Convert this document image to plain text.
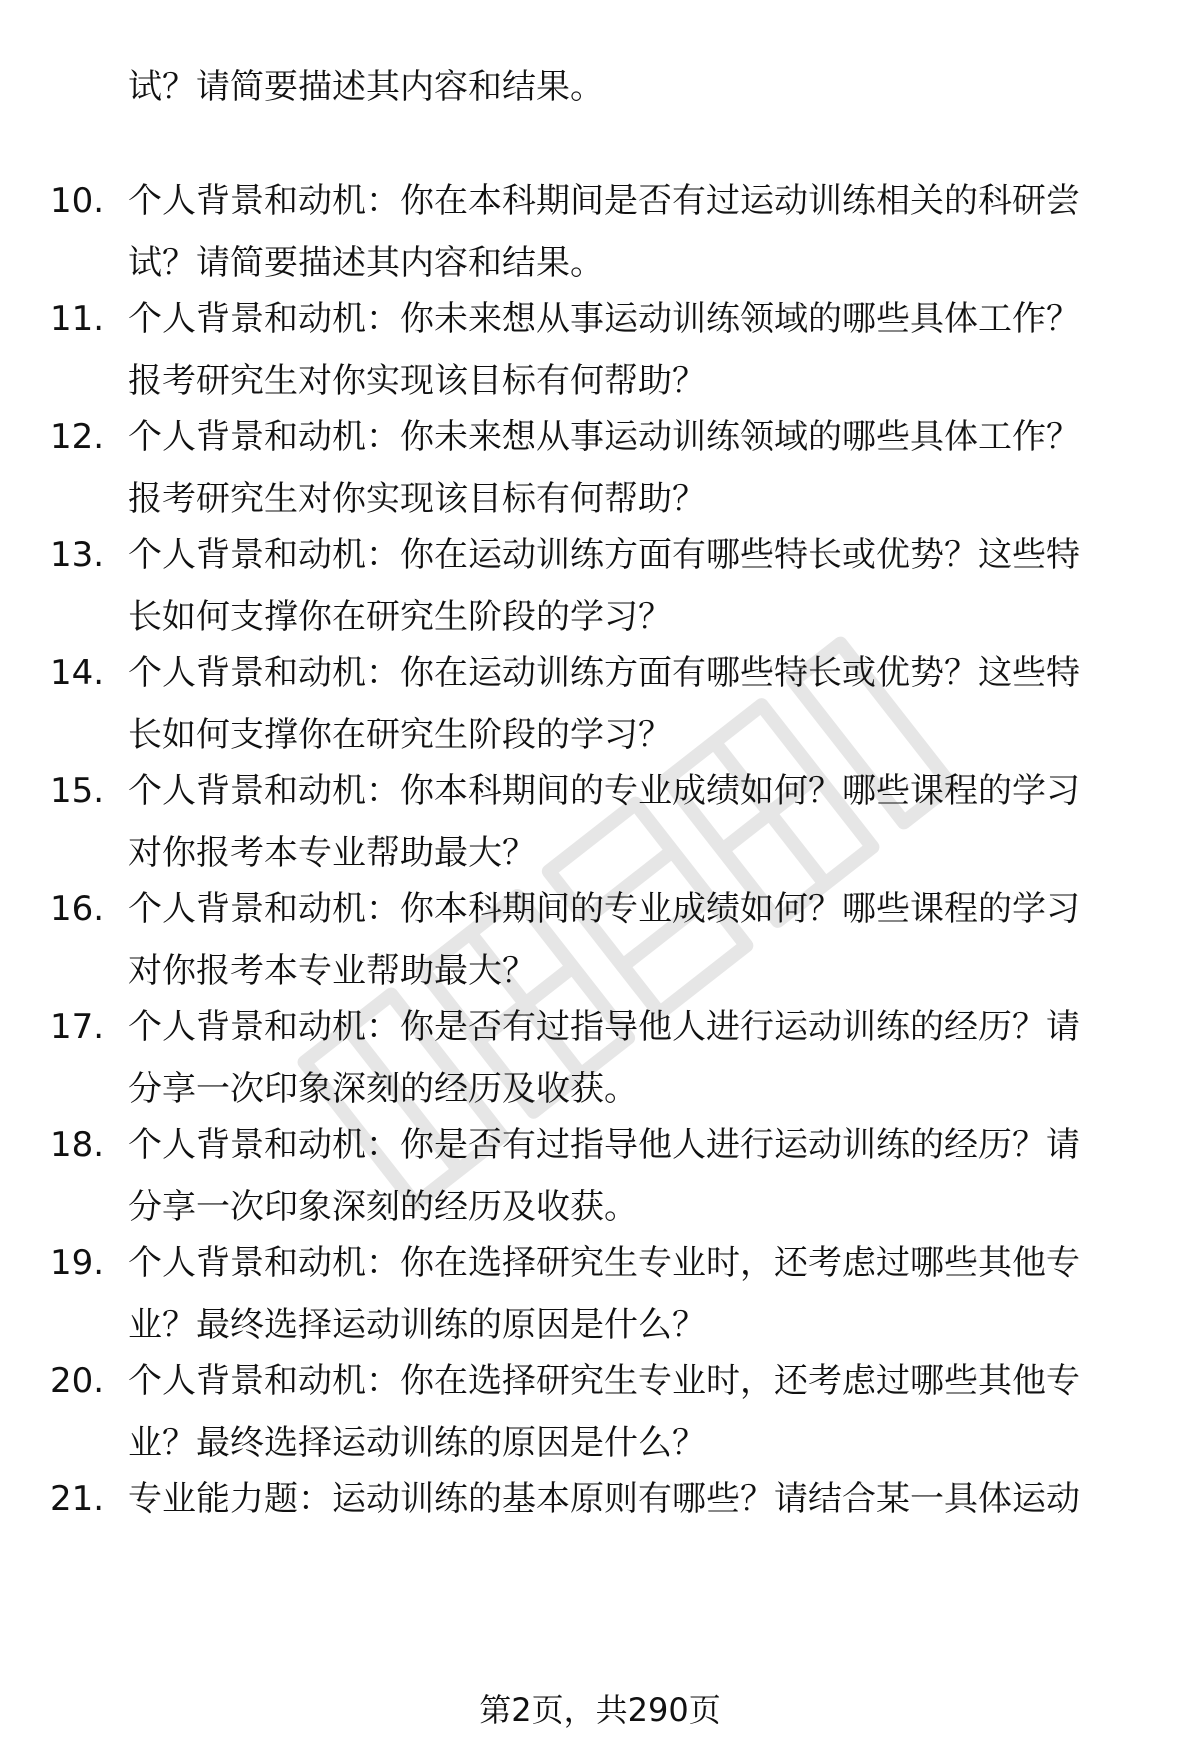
试？请简要描述其内容和结果。
10. 个人背景和动机：你在本科期间是否有过运动训练相关的科研尝
试？请简要描述其内容和结果。
11. 个人背景和动机：你未来想从事运动训练领域的哪些具体工作？
报考研究生对你实现该目标有何帮助？
12. 个人背景和动机：你未来想从事运动训练领域的哪些具体工作？
报考研究生对你实现该目标有何帮助？
13. 个人背景和动机：你在运动训练方面有哪些特长或优势？这些特
长如何支撑你在研究生阶段的学习？
14. 个人背景和动机：你在运动训练方面有哪些特长或优势？这些特
长如何支撑你在研究生阶段的学习？
15. 个人背景和动机：你本科期间的专业成绩如何？哪些课程的学习
对你报考本专业帮助最大？
16. 个人背景和动机：你本科期间的专业成绩如何？哪些课程的学习
对你报考本专业帮助最大？
17. 个人背景和动机：你是否有过指导他人进行运动训练的经历？请
分享一次印象深刻的经历及收获。
18. 个人背景和动机：你是否有过指导他人进行运动训练的经历？请
分享一次印象深刻的经历及收获。
19. 个人背景和动机：你在选择研究生专业时，还考虑过哪些其他专
业？最终选择运动训练的原因是什么？
20. 个人背景和动机：你在选择研究生专业时，还考虑过哪些其他专
业？最终选择运动训练的原因是什么？
21. 专业能力题：运动训练的基本原则有哪些？请结合某一具体运动
第2页，共290页
